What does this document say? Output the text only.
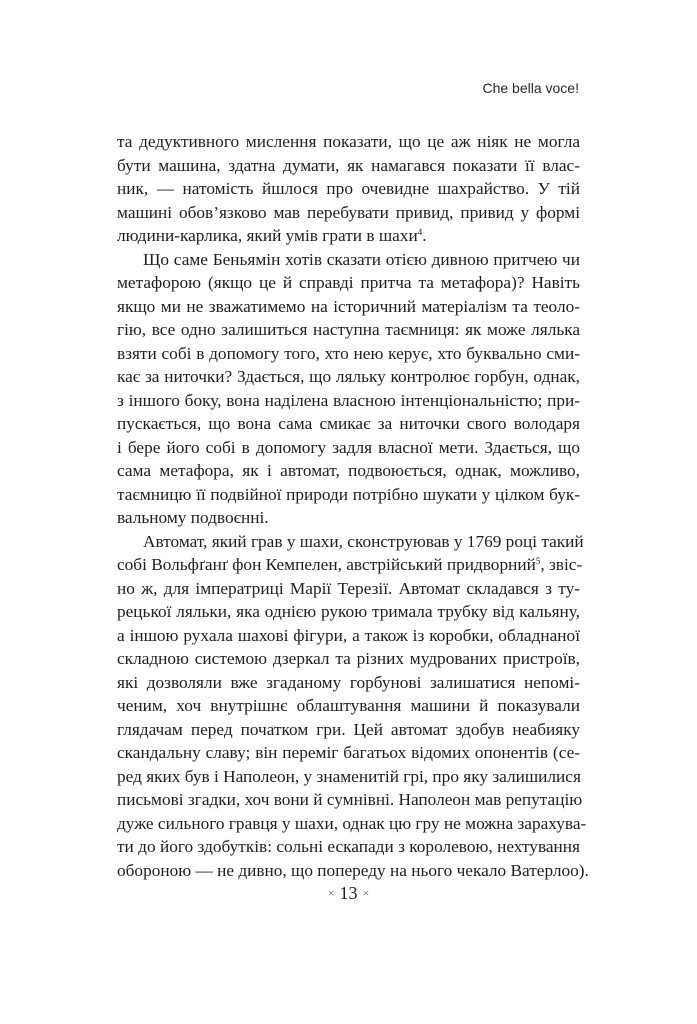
Che bella voce!

та дедуктивного мислення показати, що це аж ніяк не могла
бути машина, здатна думати, як намагався показати її влас-
ник, — натомість йшлося про очевидне шахрайство. У тій
машині обов’язково мав перебувати привид, привид у формі
людини-карлика, який умів грати в шахи$^4$.

Що саме Беньямін хотів сказати отією дивною притчею чи
метафорою (якщо це й справді притча та метафора)? Навіть
якщо ми не зважатимемо на історичний матеріалізм та теоло-
гію, все одно залишиться наступна таємниця: як може лялька
взяти собі в допомогу того, хто нею керує, хто буквально сми-
кає за ниточки? Здається, що ляльку контролює горбун, однак,
з іншого боку, вона наділена власною інтенціональністю; при-
пускається, що вона сама смикає за ниточки свого володаря
і бере його собі в допомогу задля власної мети. Здається, що
сама метафора, як і автомат, подвоюється, однак, можливо,
таємницю її подвійної природи потрібно шукати у цілком бук-
вальному подвоєнні.

Автомат, який грав у шахи, сконструював у 1769 році такий
собі Вольфґанґ фон Кемпелен, австрійський придворний$^5$, звіс-
но ж, для імператриці Марії Терезії. Автомат складався з ту-
рецької ляльки, яка однією рукою тримала трубку від кальяну,
а іншою рухала шахові фігури, а також із коробки, обладнаної
складною системою дзеркал та різних мудрованих пристроїв,
які дозволяли вже згаданому горбунові залишатися непомі-
ченим, хоч внутрішнє облаштування машини й показували
глядачам перед початком гри. Цей автомат здобув неабияку
скандальну славу; він переміг багатьох відомих опонентів (се-
ред яких був і Наполеон, у знаменитій грі, про яку залишилися
письмові згадки, хоч вони й сумнівні. Наполеон мав репутацію
дуже сильного гравця у шахи, однак цю гру не можна зарахува-
ти до його здобутків: сольні ескапади з королевою, нехтування
обороною — не дивно, що попереду на нього чекало Ватерлоо).

× 13 ×
